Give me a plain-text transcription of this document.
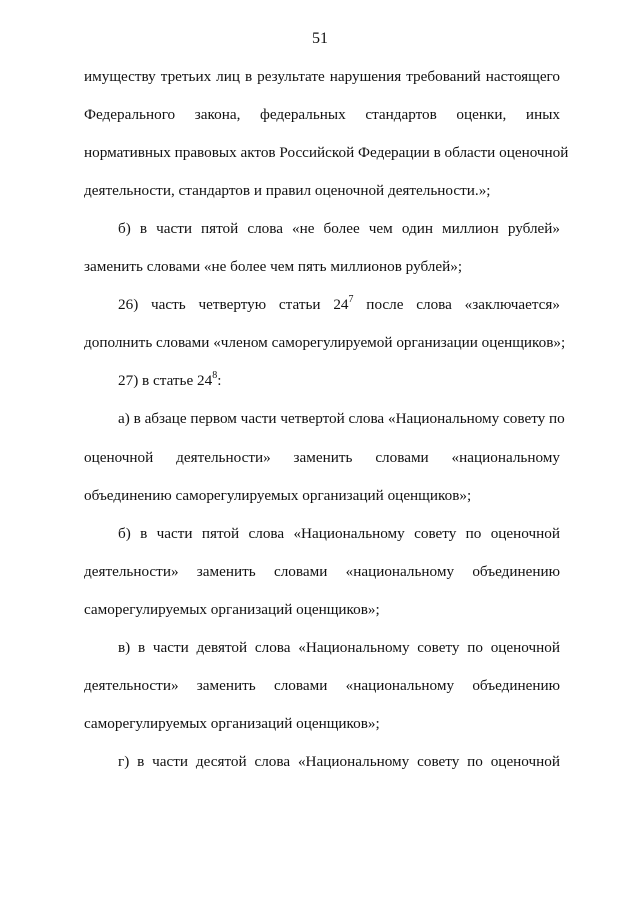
51
имуществу третьих лиц в результате нарушения требований настоящего
Федерального закона, федеральных стандартов оценки, иных
нормативных правовых актов Российской Федерации в области оценочной
деятельности, стандартов и правил оценочной деятельности.»;
б) в части пятой слова «не более чем один миллион рублей»
заменить словами «не более чем пять миллионов рублей»;
26) часть четвертую статьи $24^7$ после слова «заключается»
дополнить словами «членом саморегулируемой организации оценщиков»;
27) в статье $24^8$:
а) в абзаце первом части четвертой слова «Национальному совету по
оценочной деятельности» заменить словами «национальному
объединению саморегулируемых организаций оценщиков»;
б) в части пятой слова «Национальному совету по оценочной
деятельности» заменить словами «национальному объединению
саморегулируемых организаций оценщиков»;
в) в части девятой слова «Национальному совету по оценочной
деятельности» заменить словами «национальному объединению
саморегулируемых организаций оценщиков»;
г) в части десятой слова «Национальному совету по оценочной
